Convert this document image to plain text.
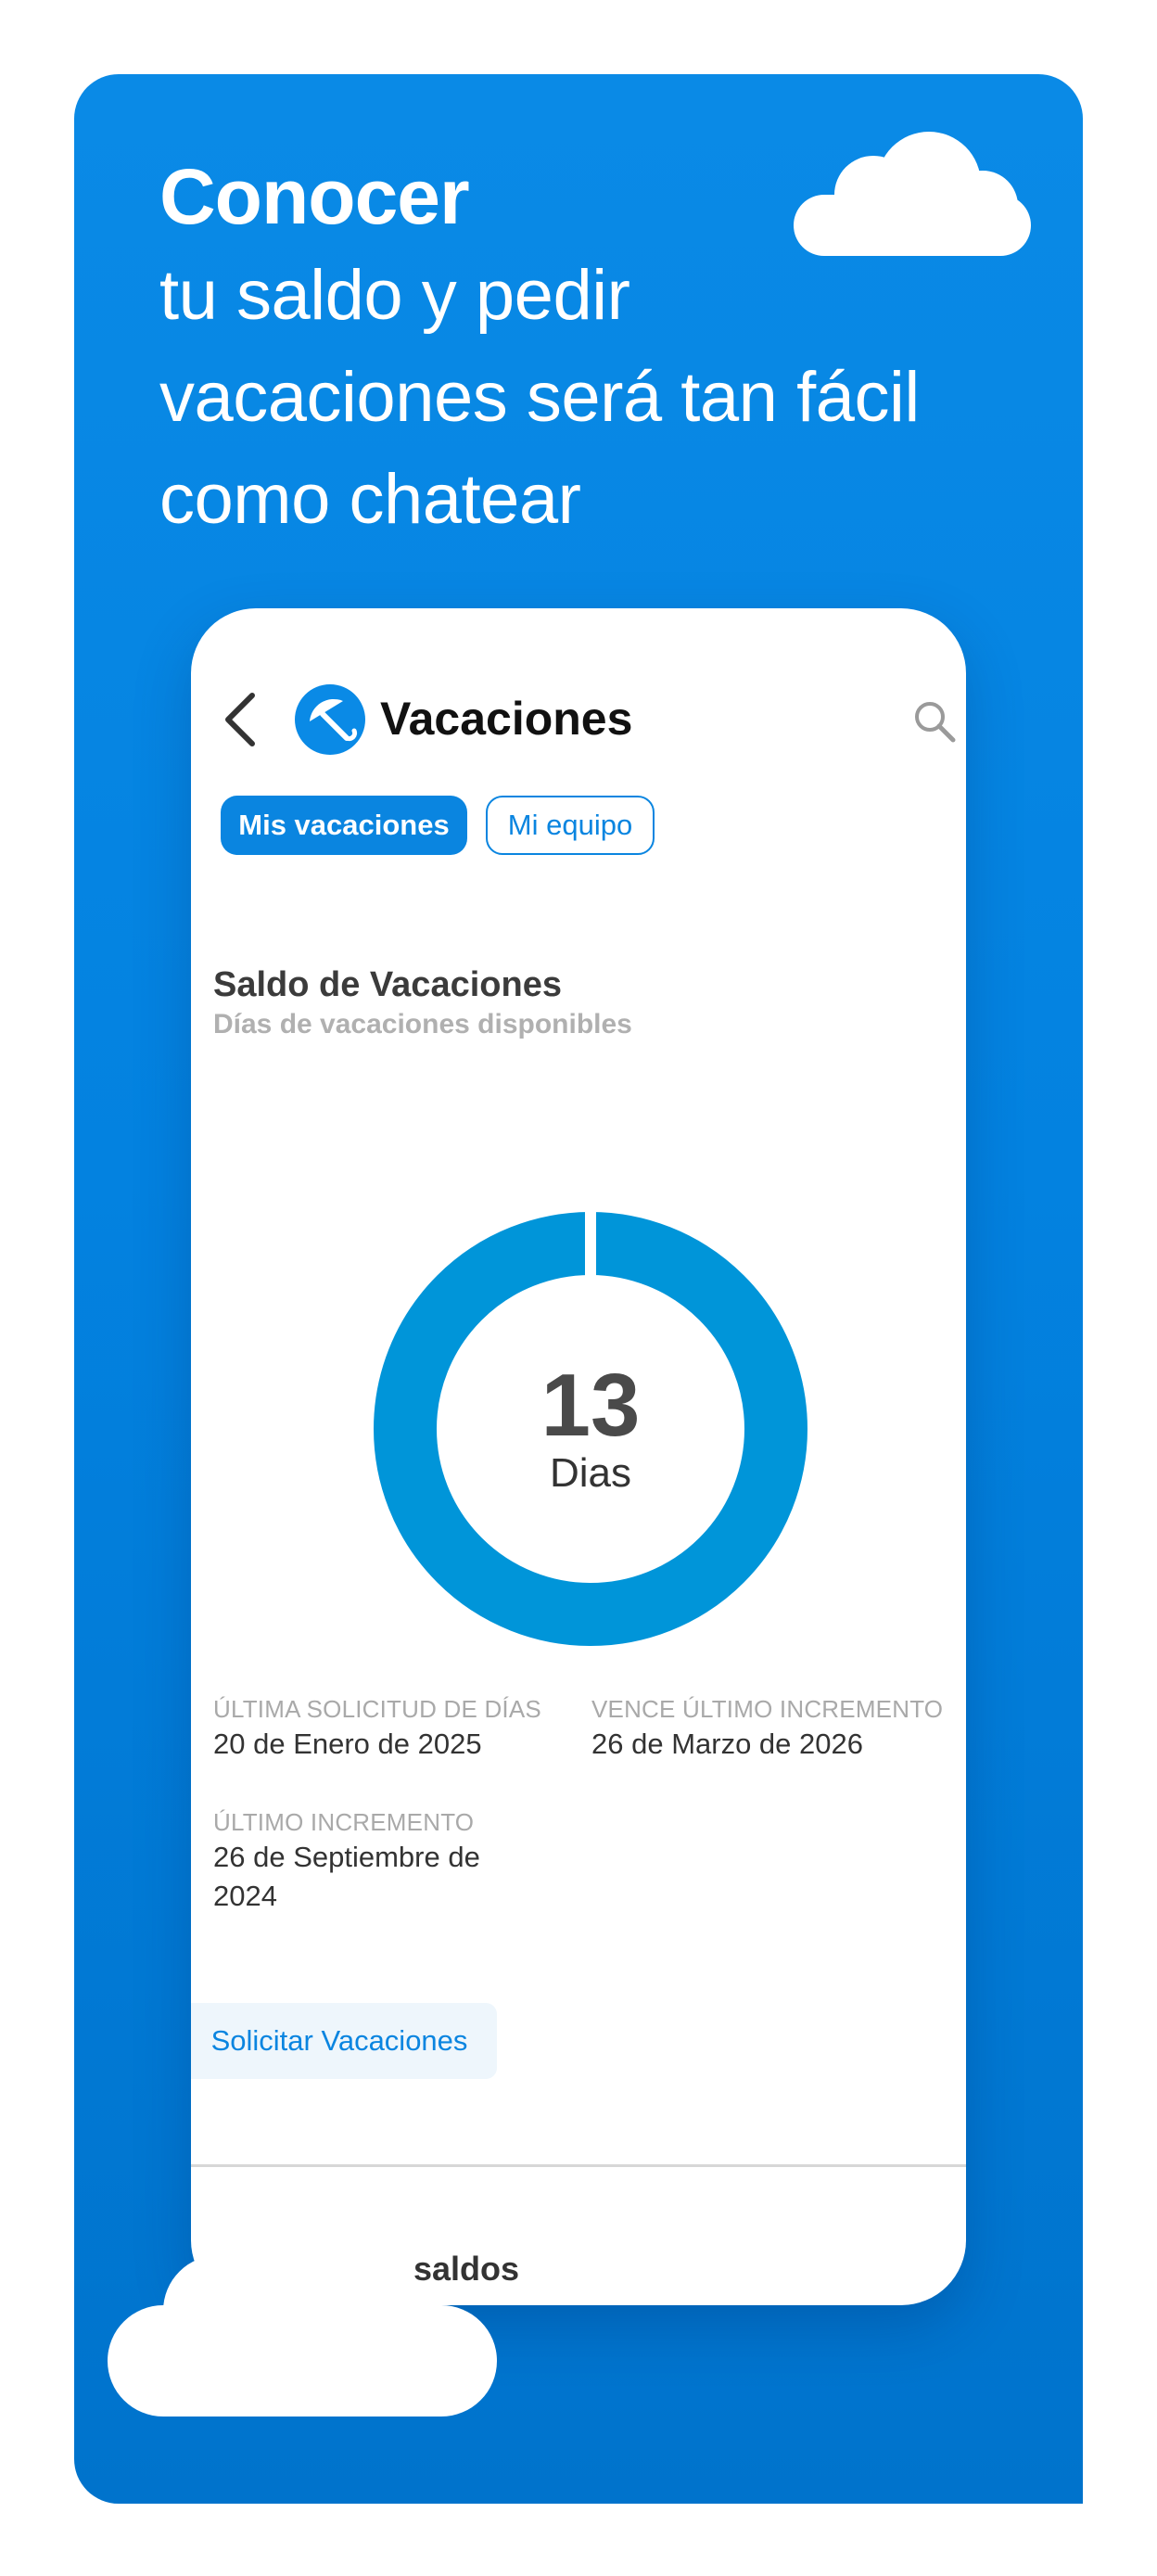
Conocer
tu saldo y pedir
vacaciones será tan fácil
como chatear
Vacaciones
Mis vacaciones	Mi equipo
Saldo de Vacaciones
Días de vacaciones disponibles
13
Dias
ÚLTIMA SOLICITUD DE DÍAS
20 de Enero de 2025
VENCE ÚLTIMO INCREMENTO
26 de Marzo de 2026
ÚLTIMO INCREMENTO
26 de Septiembre de 2024
Solicitar Vacaciones
saldos
